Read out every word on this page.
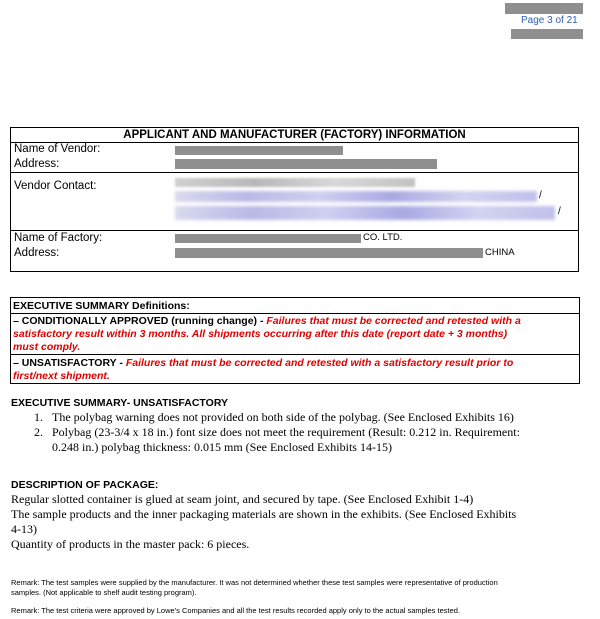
Page 3 of 21
APPLICANT AND MANUFACTURER (FACTORY) INFORMATION
Name of Vendor:
Address:
Vendor Contact:
/
/
Name of Factory:	CO. LTD.
Address:	CHINA
EXECUTIVE SUMMARY Definitions:
– CONDITIONALLY APPROVED (running change) - Failures that must be corrected and retested with a
satisfactory result within 3 months. All shipments occurring after this date (report date + 3 months)
must comply.
– UNSATISFACTORY - Failures that must be corrected and retested with a satisfactory result prior to
first/next shipment.
EXECUTIVE SUMMARY- UNSATISFACTORY
1. The polybag warning does not provided on both side of the polybag. (See Enclosed Exhibits 16)
2. Polybag (23-3/4 x 18 in.) font size does not meet the requirement (Result: 0.212 in. Requirement:
0.248 in.) polybag thickness: 0.015 mm (See Enclosed Exhibits 14-15)
DESCRIPTION OF PACKAGE:
Regular slotted container is glued at seam joint, and secured by tape. (See Enclosed Exhibit 1-4)
The sample products and the inner packaging materials are shown in the exhibits. (See Enclosed Exhibits
4-13)
Quantity of products in the master pack: 6 pieces.
Remark: The test samples were supplied by the manufacturer. It was not determined whether these test samples were representative of production
samples. (Not applicable to shelf audit testing program).
Remark: The test criteria were approved by Lowe's Companies and all the test results recorded apply only to the actual samples tested.
